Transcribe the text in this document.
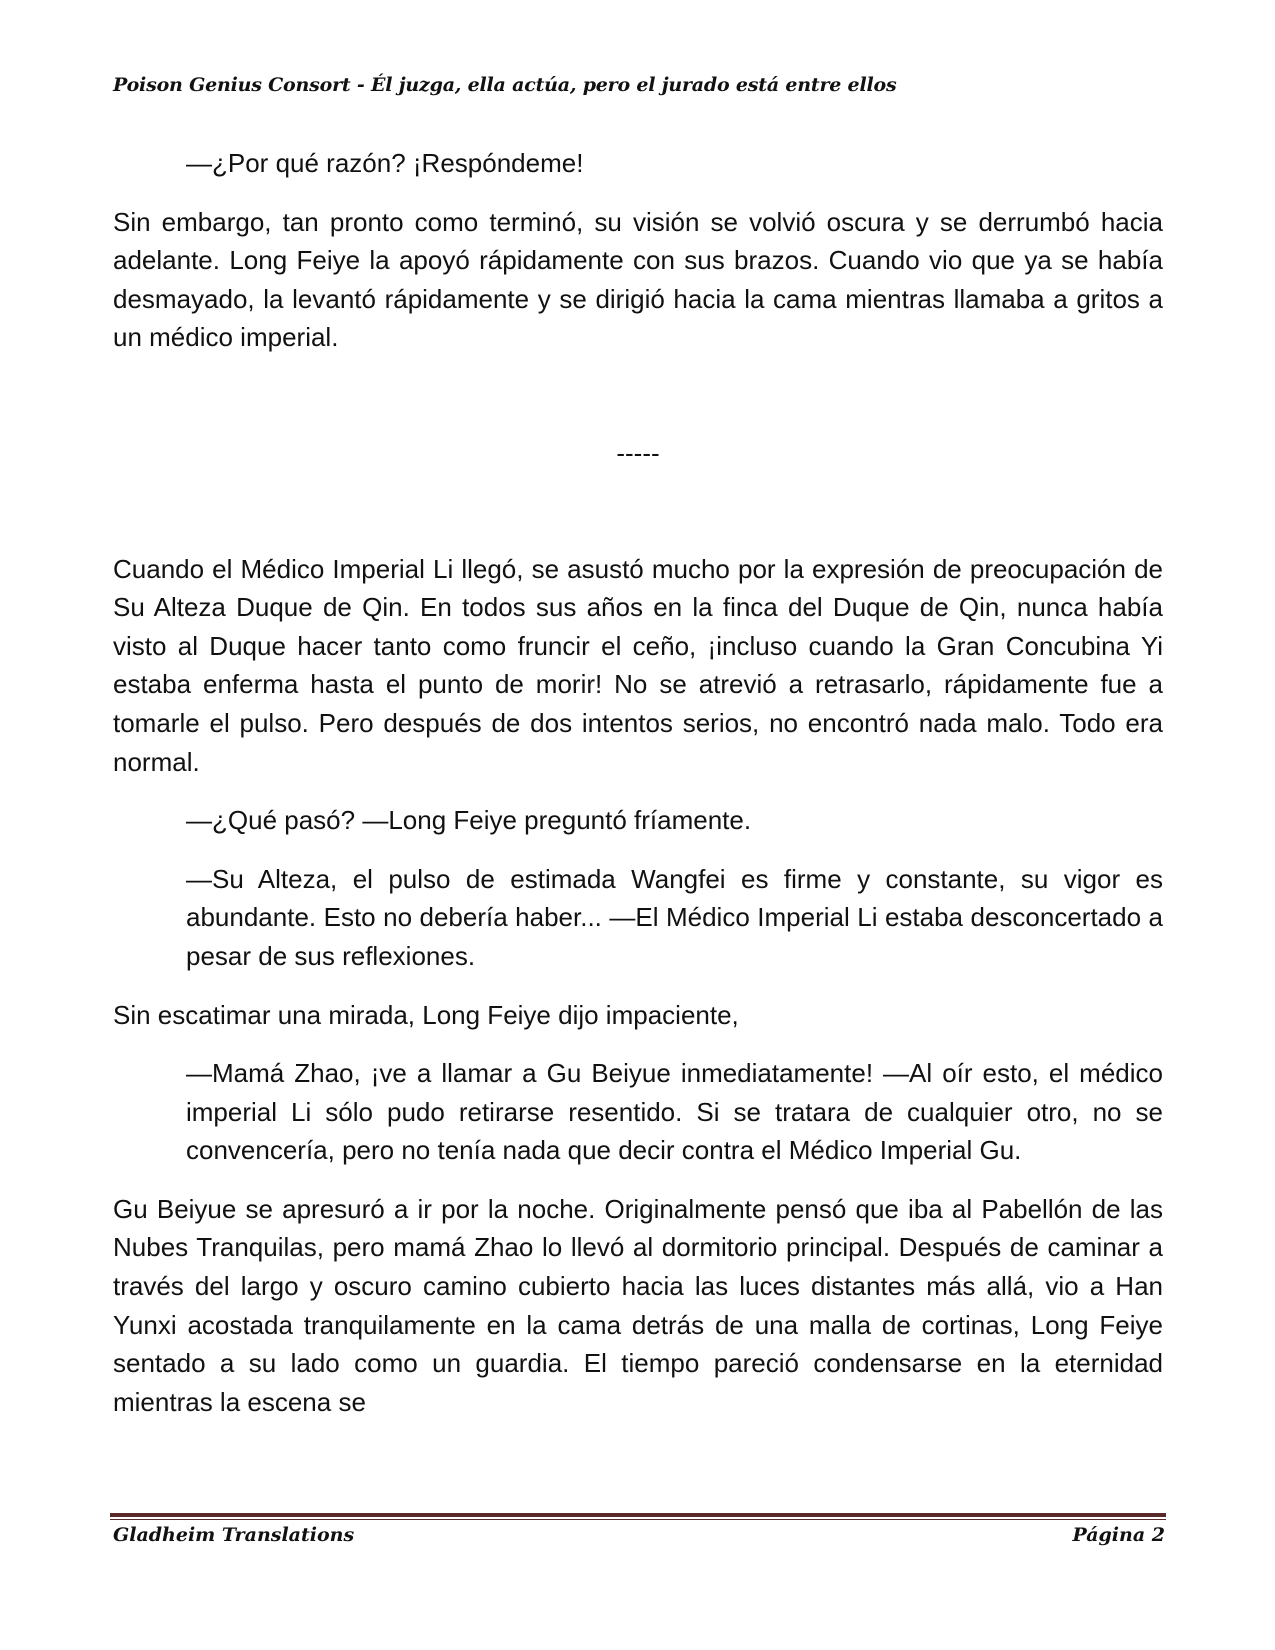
Poison Genius Consort - Él juzga, ella actúa, pero el jurado está entre ellos

—¿Por qué razón? ¡Respóndeme!

Sin embargo, tan pronto como terminó, su visión se volvió oscura y se derrumbó hacia adelante. Long Feiye la apoyó rápidamente con sus brazos. Cuando vio que ya se había desmayado, la levantó rápidamente y se dirigió hacia la cama mientras llamaba a gritos a un médico imperial.

-----

Cuando el Médico Imperial Li llegó, se asustó mucho por la expresión de preocupación de Su Alteza Duque de Qin. En todos sus años en la finca del Duque de Qin, nunca había visto al Duque hacer tanto como fruncir el ceño, ¡incluso cuando la Gran Concubina Yi estaba enferma hasta el punto de morir! No se atrevió a retrasarlo, rápidamente fue a tomarle el pulso. Pero después de dos intentos serios, no encontró nada malo. Todo era normal.

—¿Qué pasó? —Long Feiye preguntó fríamente.

—Su Alteza, el pulso de estimada Wangfei es firme y constante, su vigor es abundante. Esto no debería haber... —El Médico Imperial Li estaba desconcertado a pesar de sus reflexiones.

Sin escatimar una mirada, Long Feiye dijo impaciente,

—Mamá Zhao, ¡ve a llamar a Gu Beiyue inmediatamente! —Al oír esto, el médico imperial Li sólo pudo retirarse resentido. Si se tratara de cualquier otro, no se convencería, pero no tenía nada que decir contra el Médico Imperial Gu.

Gu Beiyue se apresuró a ir por la noche. Originalmente pensó que iba al Pabellón de las Nubes Tranquilas, pero mamá Zhao lo llevó al dormitorio principal. Después de caminar a través del largo y oscuro camino cubierto hacia las luces distantes más allá, vio a Han Yunxi acostada tranquilamente en la cama detrás de una malla de cortinas, Long Feiye sentado a su lado como un guardia. El tiempo pareció condensarse en la eternidad mientras la escena se

Gladheim Translations	Página 2
